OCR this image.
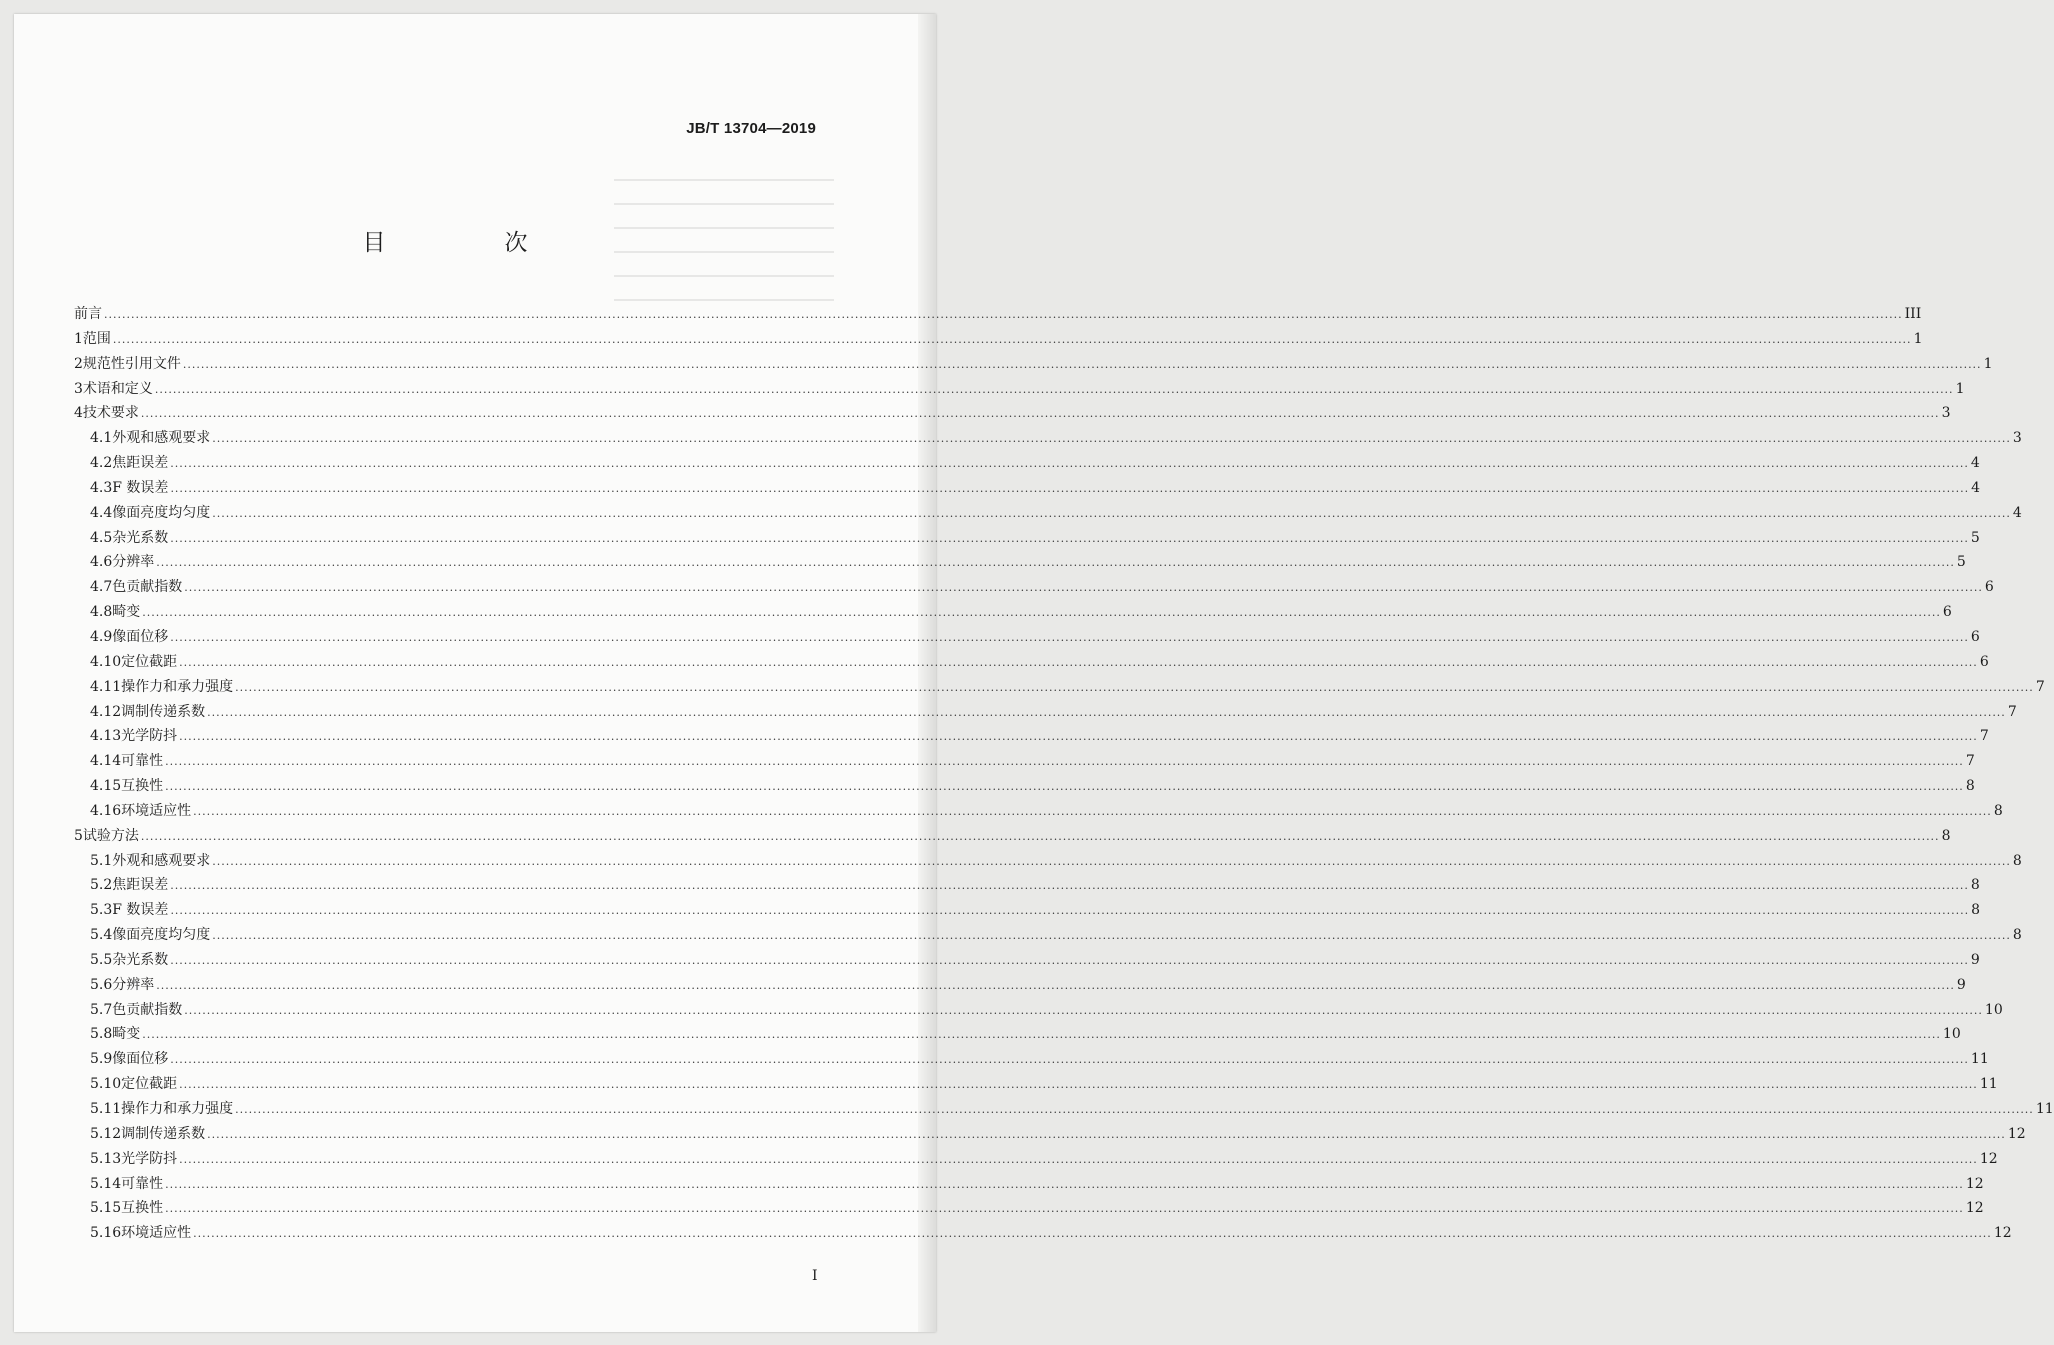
JB/T 13704—2019
目　次
前言 ................................................................................................................................................................................................................................................................................................................................................................................................................ III
1 范围 ................................................................................................................................................................................................................................................................................................................................................................................................................ 1
2 规范性引用文件 ................................................................................................................................................................................................................................................................................................................................................................................................................ 1
3 术语和定义 ................................................................................................................................................................................................................................................................................................................................................................................................................ 1
4 技术要求 ................................................................................................................................................................................................................................................................................................................................................................................................................ 3
4.1 外观和感观要求 ................................................................................................................................................................................................................................................................................................................................................................................................................ 3
4.2 焦距误差 ................................................................................................................................................................................................................................................................................................................................................................................................................ 4
4.3 F 数误差 ................................................................................................................................................................................................................................................................................................................................................................................................................ 4
4.4 像面亮度均匀度 ................................................................................................................................................................................................................................................................................................................................................................................................................ 4
4.5 杂光系数 ................................................................................................................................................................................................................................................................................................................................................................................................................ 5
4.6 分辨率 ................................................................................................................................................................................................................................................................................................................................................................................................................ 5
4.7 色贡献指数 ................................................................................................................................................................................................................................................................................................................................................................................................................ 6
4.8 畸变 ................................................................................................................................................................................................................................................................................................................................................................................................................ 6
4.9 像面位移 ................................................................................................................................................................................................................................................................................................................................................................................................................ 6
4.10 定位截距 ................................................................................................................................................................................................................................................................................................................................................................................................................ 6
4.11 操作力和承力强度 ................................................................................................................................................................................................................................................................................................................................................................................................................ 7
4.12 调制传递系数 ................................................................................................................................................................................................................................................................................................................................................................................................................ 7
4.13 光学防抖 ................................................................................................................................................................................................................................................................................................................................................................................................................ 7
4.14 可靠性 ................................................................................................................................................................................................................................................................................................................................................................................................................ 7
4.15 互换性 ................................................................................................................................................................................................................................................................................................................................................................................................................ 8
4.16 环境适应性 ................................................................................................................................................................................................................................................................................................................................................................................................................ 8
5 试验方法 ................................................................................................................................................................................................................................................................................................................................................................................................................ 8
5.1 外观和感观要求 ................................................................................................................................................................................................................................................................................................................................................................................................................ 8
5.2 焦距误差 ................................................................................................................................................................................................................................................................................................................................................................................................................ 8
5.3 F 数误差 ................................................................................................................................................................................................................................................................................................................................................................................................................ 8
5.4 像面亮度均匀度 ................................................................................................................................................................................................................................................................................................................................................................................................................ 8
5.5 杂光系数 ................................................................................................................................................................................................................................................................................................................................................................................................................ 9
5.6 分辨率 ................................................................................................................................................................................................................................................................................................................................................................................................................ 9
5.7 色贡献指数 ................................................................................................................................................................................................................................................................................................................................................................................................................ 10
5.8 畸变 ................................................................................................................................................................................................................................................................................................................................................................................................................ 10
5.9 像面位移 ................................................................................................................................................................................................................................................................................................................................................................................................................ 11
5.10 定位截距 ................................................................................................................................................................................................................................................................................................................................................................................................................ 11
5.11 操作力和承力强度 ................................................................................................................................................................................................................................................................................................................................................................................................................ 11
5.12 调制传递系数 ................................................................................................................................................................................................................................................................................................................................................................................................................ 12
5.13 光学防抖 ................................................................................................................................................................................................................................................................................................................................................................................................................ 12
5.14 可靠性 ................................................................................................................................................................................................................................................................................................................................................................................................................ 12
5.15 互换性 ................................................................................................................................................................................................................................................................................................................................................................................................................ 12
5.16 环境适应性 ................................................................................................................................................................................................................................................................................................................................................................................................................ 12
I
